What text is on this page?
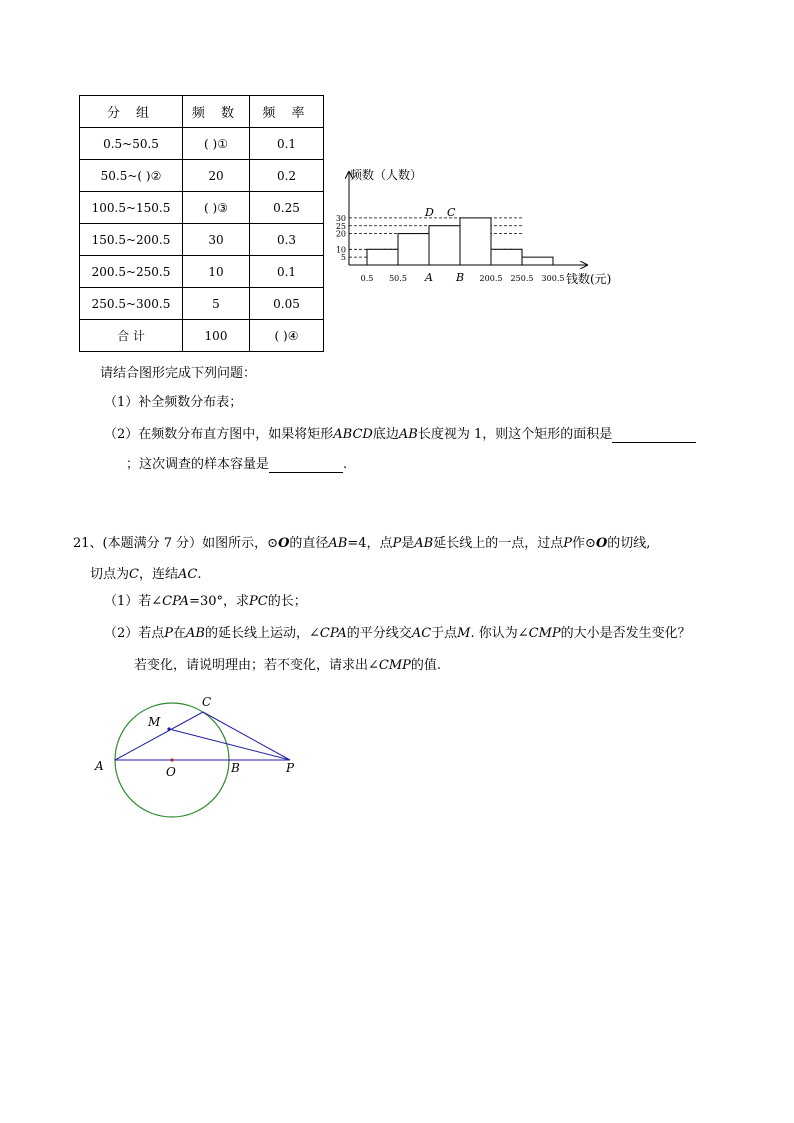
分 组	频 数	频 率
0.5~50.5	( )①	0.1
50.5~( )②	20	0.2
100.5~150.5	( )③	0.25
150.5~200.5	30	0.3
200.5~250.5	10	0.1
250.5~300.5	5	0.05
合 计	100	( )④
5
10
20
25
30
0.5 50.5 A B 200.5 250.5 300.5
频数（人数）
钱数(元)
D C
请结合图形完成下列问题：
（1）补全频数分布表；
（2）在频数分布直方图中，如果将矩形ABCD底边AB长度视为 1，则这个矩形的面积是
；这次调查的样本容量是	.
21、(本题满分 7 分）如图所示，⊙O的直径AB=4，点P是AB延长线上的一点，过点P作⊙O的切线,
切点为C，连结AC.
（1）若∠CPA=30°，求PC的长；
（2）若点P在AB的延长线上运动，∠CPA的平分线交AC于点M. 你认为∠CMP的大小是否发生变化？
若变化，请说明理由；若不变化，请求出∠CMP的值.
C
M
A	O	B	P
